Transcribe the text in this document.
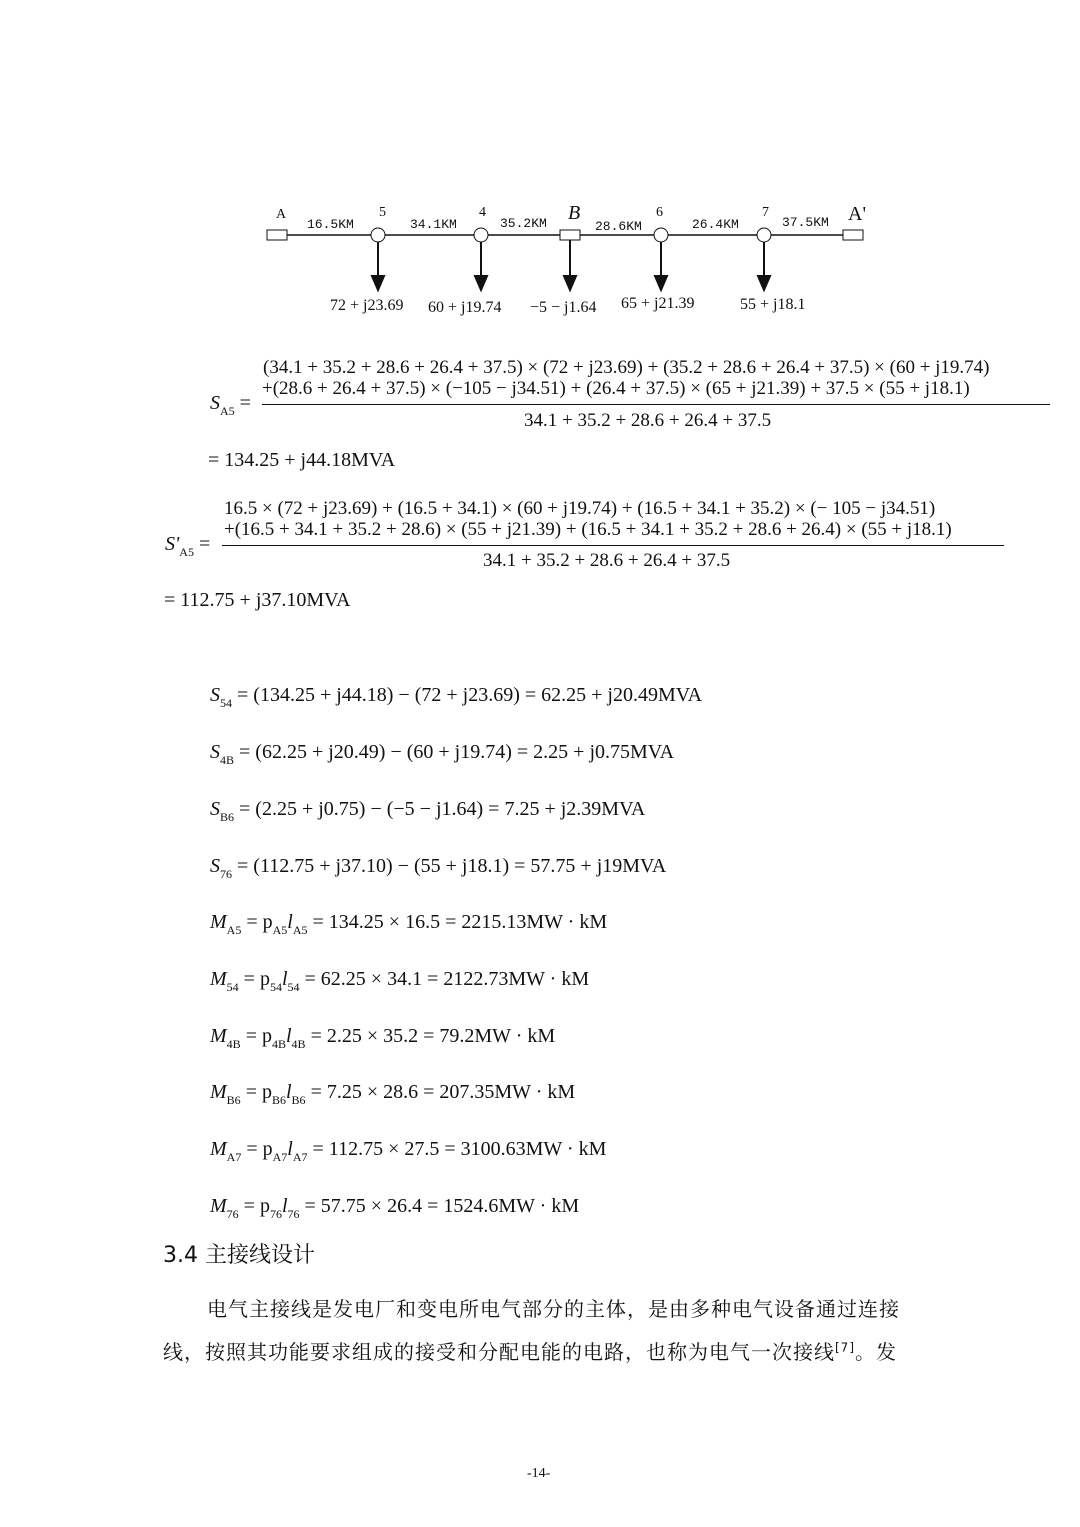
A	5	4	B	6	7	A'
16.5KM	34.1KM	35.2KM	28.6KM	26.4KM	37.5KM
72 + j23.69 60 + j19.74 −5 − j1.64 65 + j21.39	55 + j18.1
$S_{A5}$ =
(34.1 + 35.2 + 28.6 + 26.4 + 37.5) × (72 + j23.69) + (35.2 + 28.6 + 26.4 + 37.5) × (60 + j19.74)
+(28.6 + 26.4 + 37.5) × (−105 − j34.51) + (26.4 + 37.5) × (65 + j21.39) + 37.5 × (55 + j18.1)
34.1 + 35.2 + 28.6 + 26.4 + 37.5
= 134.25 + j44.18MVA
$S'_{A5}$ =
16.5 × (72 + j23.69) + (16.5 + 34.1) × (60 + j19.74) + (16.5 + 34.1 + 35.2) × (− 105 − j34.51)
+(16.5 + 34.1 + 35.2 + 28.6) × (55 + j21.39) + (16.5 + 34.1 + 35.2 + 28.6 + 26.4) × (55 + j18.1)
34.1 + 35.2 + 28.6 + 26.4 + 37.5
= 112.75 + j37.10MVA
$S_{54} = (134.25 + j44.18) - (72 + j23.69) = 62.25 + j20.49MVA$
$S_{4B} = (62.25 + j20.49) - (60 + j19.74) = 2.25 + j0.75MVA$
$S_{B6} = (2.25 + j0.75) - (-5 - j1.64) = 7.25 + j2.39MVA$
$S_{76} = (112.75 + j37.10) - (55 + j18.1) = 57.75 + j19MVA$
$M_{A5} = p_{A5}l_{A5} = 134.25 \times 16.5 = 2215.13MW$ · kM
$M_{54} = p_{54}l_{54} = 62.25 \times 34.1 = 2122.73MW$ · kM
$M_{4B} = p_{4B}l_{4B} = 2.25 \times 35.2 = 79.2MW$ · kM
$M_{B6} = p_{B6}l_{B6} = 7.25 \times 28.6 = 207.35MW$ · kM
$M_{A7} = p_{A7}l_{A7} = 112.75 \times 27.5 = 3100.63MW$ · kM
$M_{76} = p_{76}l_{76} = 57.75 \times 26.4 = 1524.6MW$ · kM
3.4 主接线设计
电气主接线是发电厂和变电所电气部分的主体，是由多种电气设备通过连接
线，按照其功能要求组成的接受和分配电能的电路，也称为电气一次接线[7]。发
-14-
